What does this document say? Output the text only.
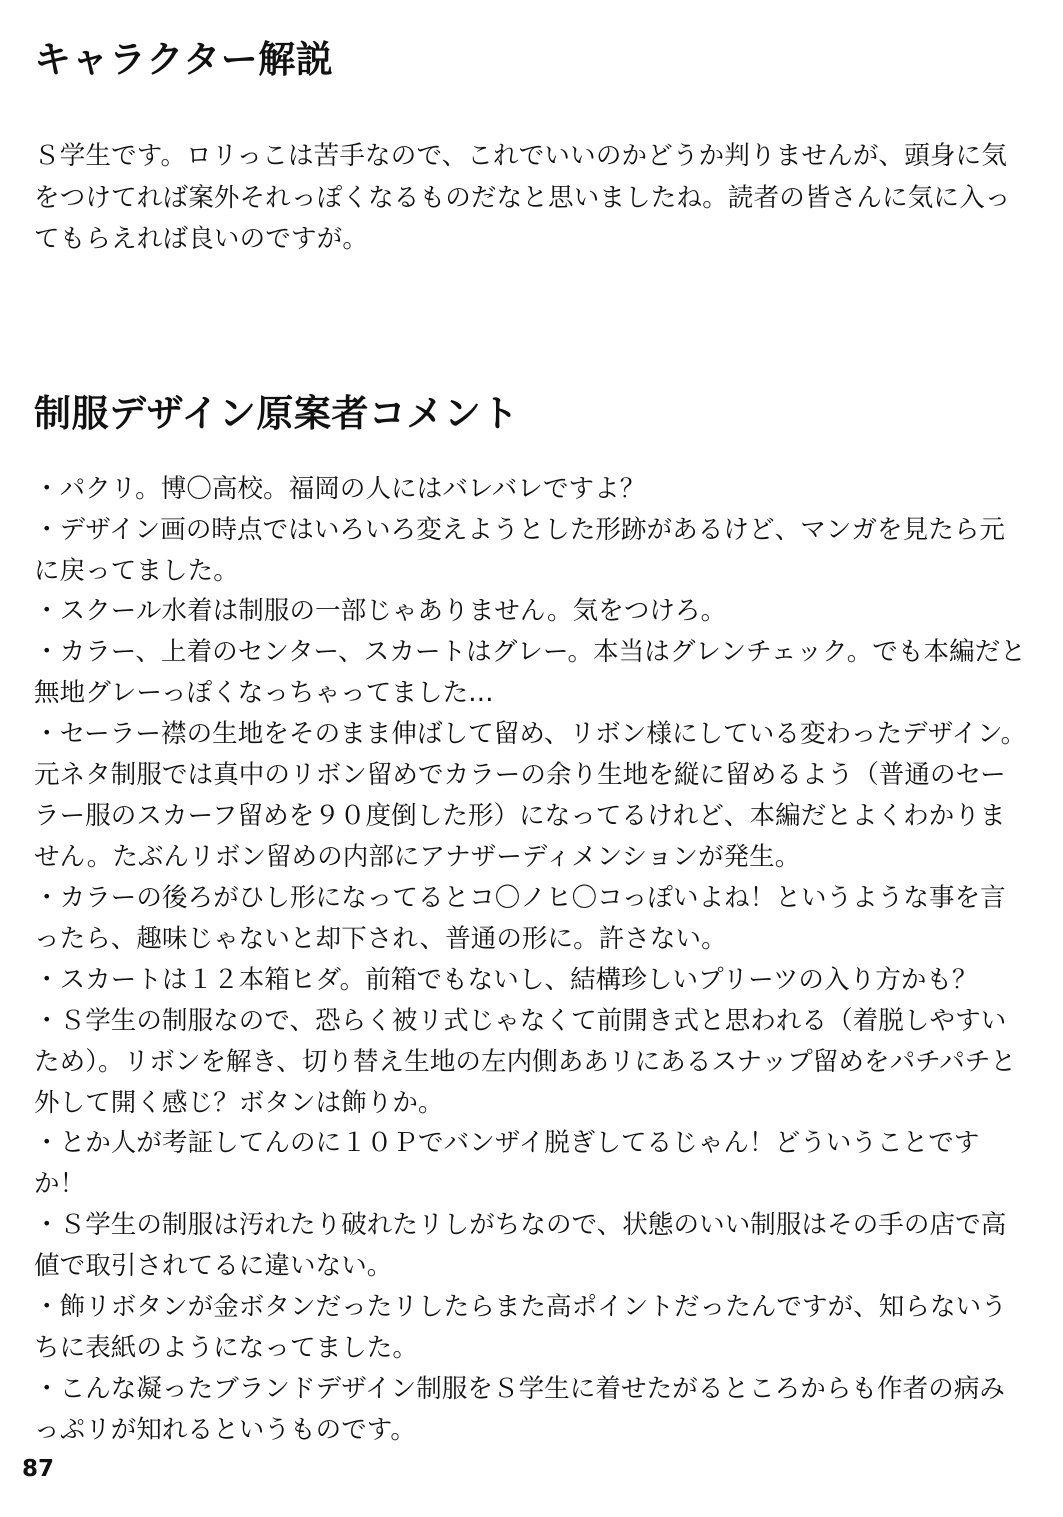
キャラクター解説

Ｓ学生です。ロリっこは苦手なので、これでいいのかどうか判りませんが、頭身に気をつけてれば案外それっぽくなるものだなと思いましたね。読者の皆さんに気に入ってもらえれば良いのですが。

制服デザイン原案者コメント

・パクリ。博〇高校。福岡の人にはバレバレですよ？

・デザイン画の時点ではいろいろ変えようとした形跡があるけど、マンガを見たら元に戻ってました。

・スクール水着は制服の一部じゃありません。気をつけろ。

・カラー、上着のセンター、スカートはグレー。本当はグレンチェック。でも本編だと無地グレーっぽくなっちゃってました…

・セーラー襟の生地をそのまま伸ばして留め、リボン様にしている変わったデザイン。元ネタ制服では真中のリボン留めでカラーの余り生地を縦に留めるよう（普通のセーラー服のスカーフ留めを９０度倒した形）になってるけれど、本編だとよくわかりません。たぶんリボン留めの内部にアナザーディメンションが発生。

・カラーの後ろがひし形になってるとコ〇ノヒ〇コっぽいよね！というような事を言ったら、趣味じゃないと却下され、普通の形に。許さない。

・スカートは１２本箱ヒダ。前箱でもないし、結構珍しいプリーツの入り方かも？

・Ｓ学生の制服なので、恐らく被リ式じゃなくて前開き式と思われる（着脱しやすいため）。リボンを解き、切り替え生地の左内側ああリにあるスナップ留めをパチパチと外して開く感じ？ボタンは飾りか。

・とか人が考証してんのに１０Ｐでバンザイ脱ぎしてるじゃん！どういうことですか！

・Ｓ学生の制服は汚れたり破れたリしがちなので、状態のいい制服はその手の店で高値で取引されてるに違いない。

・飾リボタンが金ボタンだったリしたらまた高ポイントだったんですが、知らないうちに表紙のようになってました。

・こんな凝ったブランドデザイン制服をＳ学生に着せたがるところからも作者の病みっぷリが知れるというものです。

87
